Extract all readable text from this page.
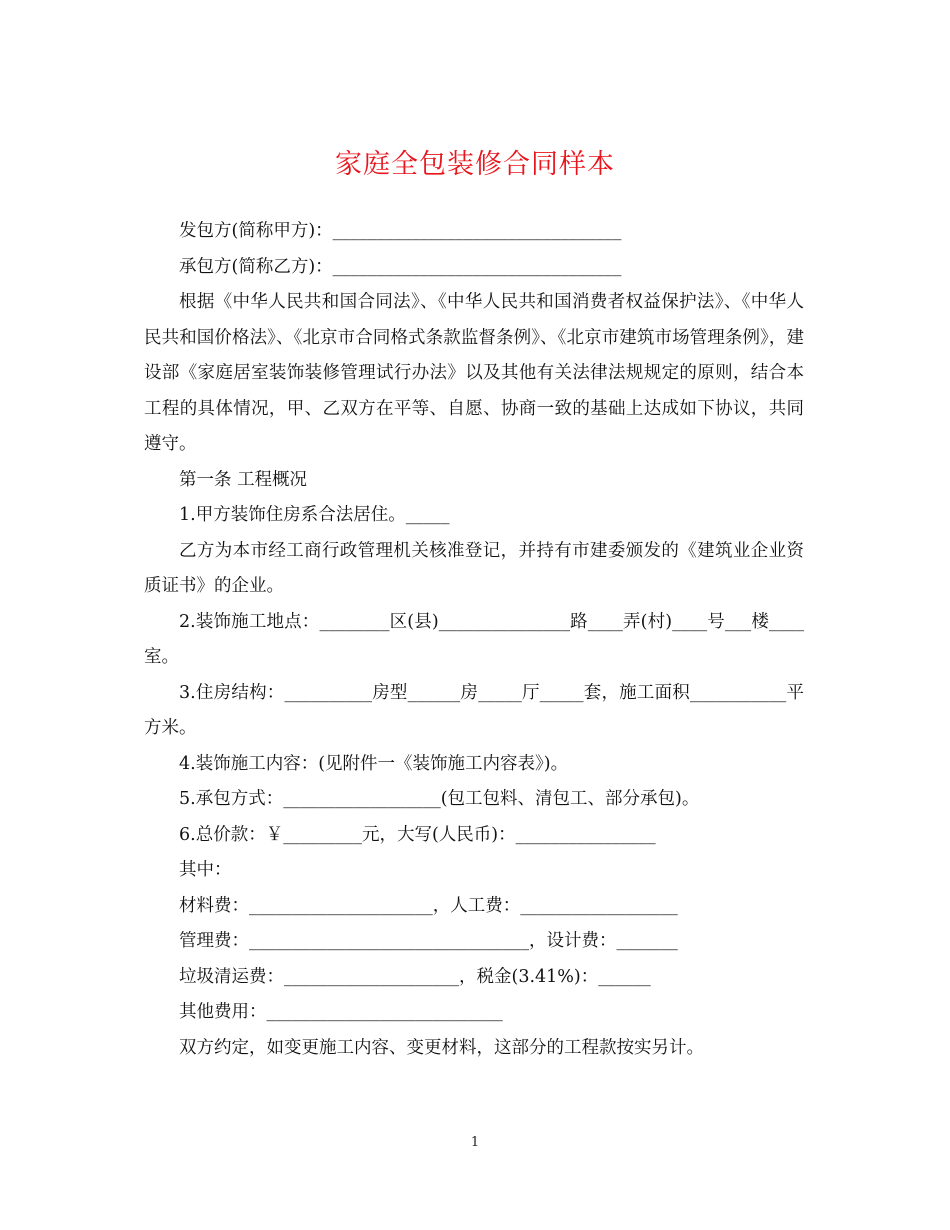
家庭全包装修合同样本

发包方(简称甲方)：_________________________________

承包方(简称乙方)：_________________________________

根据《中华人民共和国合同法》、《中华人民共和国消费者权益保护法》、《中华人民共和国价格法》、《北京市合同格式条款监督条例》、《北京市建筑市场管理条例》，建设部《家庭居室装饰装修管理试行办法》以及其他有关法律法规规定的原则，结合本工程的具体情况，甲、乙双方在平等、自愿、协商一致的基础上达成如下协议，共同遵守。

第一条 工程概况

1.甲方装饰住房系合法居住。_____

乙方为本市经工商行政管理机关核准登记，并持有市建委颁发的《建筑业企业资质证书》的企业。

2.装饰施工地点：________区(县)_______________路____弄(村)____号___楼____室。

3.住房结构：__________房型______房_____厅_____套，施工面积___________平方米。

4.装饰施工内容：(见附件一《装饰施工内容表》)。

5.承包方式：__________________(包工包料、清包工、部分承包)。

6.总价款：￥_________元，大写(人民币)：________________

其中：

材料费：_____________________，人工费：__________________

管理费：________________________________，设计费：_______

垃圾清运费：____________________，税金(3.41%)：______

其他费用：___________________________

双方约定，如变更施工内容、变更材料，这部分的工程款按实另计。

1
